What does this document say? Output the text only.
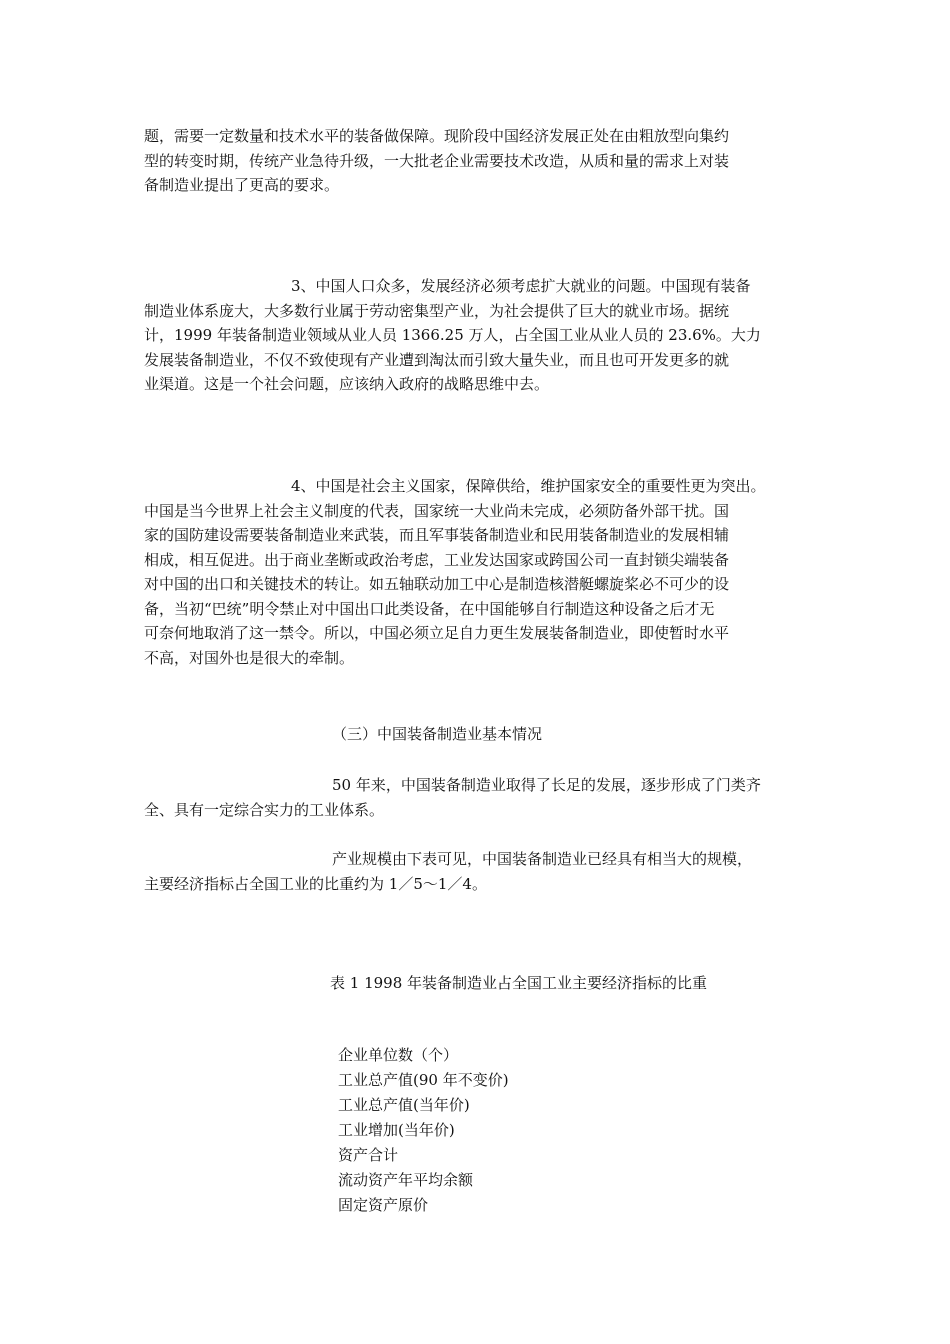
题，需要一定数量和技术水平的装备做保障。现阶段中国经济发展正处在由粗放型向集约
型的转变时期，传统产业急待升级，一大批老企业需要技术改造，从质和量的需求上对装
备制造业提出了更高的要求。

3、中国人口众多，发展经济必须考虑扩大就业的问题。中国现有装备
制造业体系庞大，大多数行业属于劳动密集型产业，为社会提供了巨大的就业市场。据统
计，1999 年装备制造业领域从业人员 1366.25 万人，占全国工业从业人员的 23.6%。大力
发展装备制造业，不仅不致使现有产业遭到淘汰而引致大量失业，而且也可开发更多的就
业渠道。这是一个社会问题，应该纳入政府的战略思维中去。

4、中国是社会主义国家，保障供给，维护国家安全的重要性更为突出。
中国是当今世界上社会主义制度的代表，国家统一大业尚未完成，必须防备外部干扰。国
家的国防建设需要装备制造业来武装，而且军事装备制造业和民用装备制造业的发展相辅
相成，相互促进。出于商业垄断或政治考虑，工业发达国家或跨国公司一直封锁尖端装备
对中国的出口和关键技术的转让。如五轴联动加工中心是制造核潜艇螺旋桨必不可少的设
备，当初“巴统”明令禁止对中国出口此类设备，在中国能够自行制造这种设备之后才无
可奈何地取消了这一禁令。所以，中国必须立足自力更生发展装备制造业，即使暂时水平
不高，对国外也是很大的牵制。

（三）中国装备制造业基本情况

50 年来，中国装备制造业取得了长足的发展，逐步形成了门类齐
全、具有一定综合实力的工业体系。

产业规模由下表可见，中国装备制造业已经具有相当大的规模，
主要经济指标占全国工业的比重约为 1／5～1／4。

表 1 1998 年装备制造业占全国工业主要经济指标的比重
企业单位数（个）
工业总产值(90 年不变价)
工业总产值(当年价)
工业增加(当年价)
资产合计
流动资产年平均余额
固定资产原价
